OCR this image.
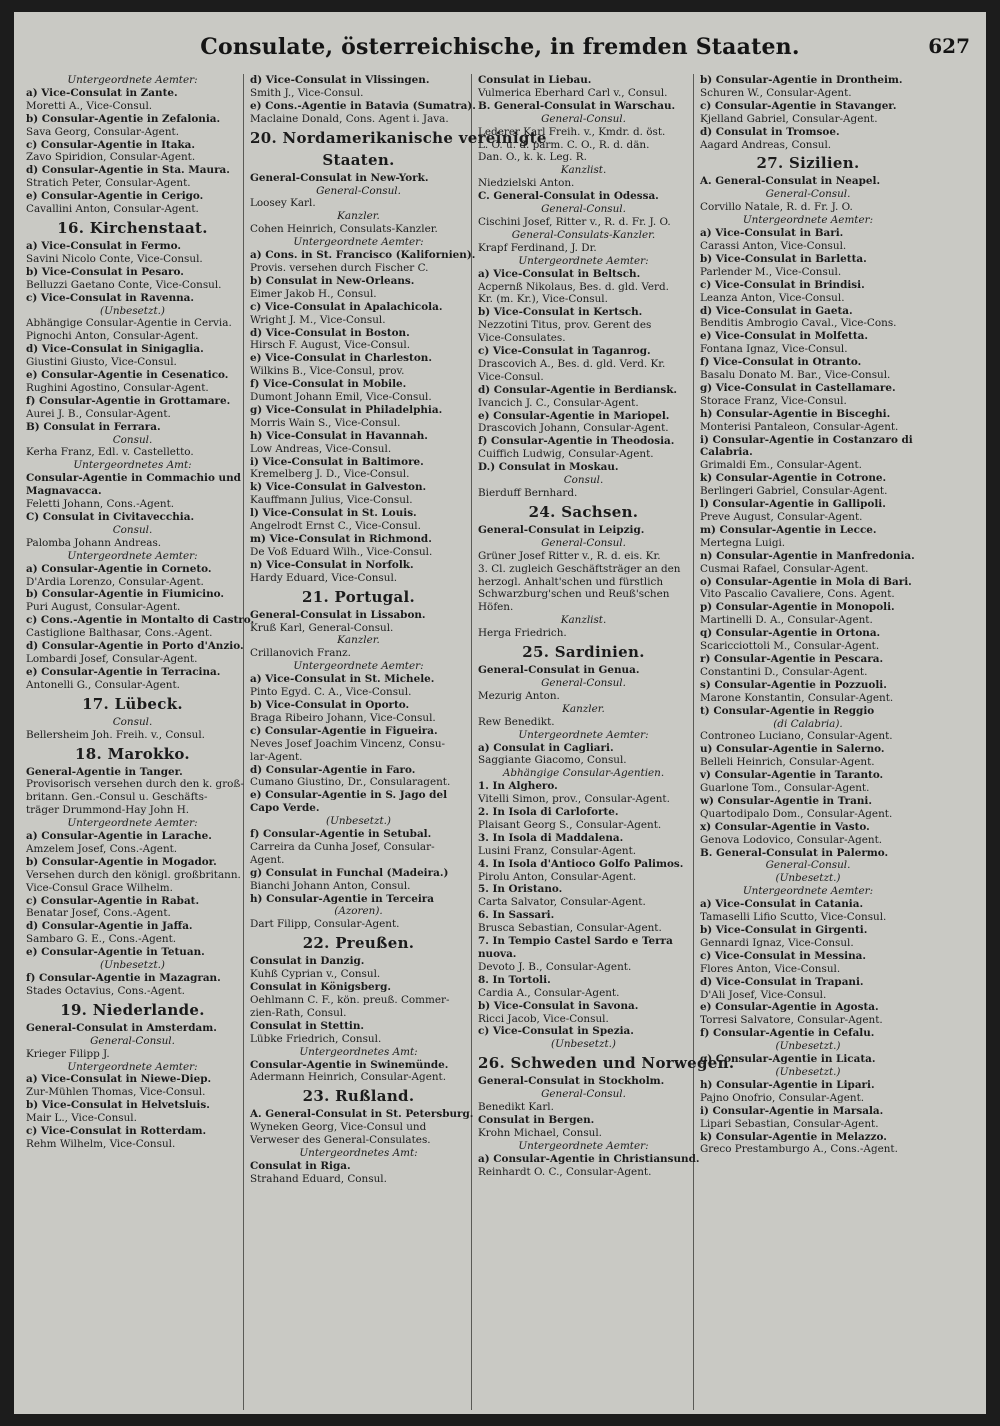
Consulate, österreichische, in fremden Staaten.	627
Untergeordnete Aemter:
a) Vice-Consulat in Zante.
Moretti A., Vice-Consul.
b) Consular-Agentie in Zefalonia.
Sava Georg, Consular-Agent.
c) Consular-Agentie in Itaka.
Zavo Spiridion, Consular-Agent.
d) Consular-Agentie in Sta. Maura.
Stratich Peter, Consular-Agent.
e) Consular-Agentie in Cerigo.
Cavallini Anton, Consular-Agent.
16. Kirchenstaat.
a) Vice-Consulat in Fermo.
Savini Nicolo Conte, Vice-Consul.
b) Vice-Consulat in Pesaro.
Belluzzi Gaetano Conte, Vice-Consul.
c) Vice-Consulat in Ravenna.
(Unbesetzt.)
Abhängige Consular-Agentie in Cervia.
Pignochi Anton, Consular-Agent.
d) Vice-Consulat in Sinigaglia.
Giustini Giusto, Vice-Consul.
e) Consular-Agentie in Cesenatico.
Rughini Agostino, Consular-Agent.
f) Consular-Agentie in Grottamare.
Aurei J. B., Consular-Agent.
B) Consulat in Ferrara.
Consul.
Kerha Franz, Edl. v. Castelletto.
Untergeordnetes Amt:
Consular-Agentie in Commachio und
Magnavacca.
Feletti Johann, Cons.-Agent.
C) Consulat in Civitavecchia.
Consul.
Palomba Johann Andreas.
Untergeordnete Aemter:
a) Consular-Agentie in Corneto.
D'Ardia Lorenzo, Consular-Agent.
b) Consular-Agentie in Fiumicino.
Puri August, Consular-Agent.
c) Cons.-Agentie in Montalto di Castro.
Castiglione Balthasar, Cons.-Agent.
d) Consular-Agentie in Porto d'Anzio.
Lombardi Josef, Consular-Agent.
e) Consular-Agentie in Terracina.
Antonelli G., Consular-Agent.
17. Lübeck.
Consul.
Bellersheim Joh. Freih. v., Consul.
18. Marokko.
General-Agentie in Tanger.
Provisorisch versehen durch den k. groß-
britann. Gen.-Consul u. Geschäfts-
träger Drummond-Hay John H.
Untergeordnete Aemter:
a) Consular-Agentie in Larache.
Amzelem Josef, Cons.-Agent.
b) Consular-Agentie in Mogador.
Versehen durch den königl. großbritann.
Vice-Consul Grace Wilhelm.
c) Consular-Agentie in Rabat.
Benatar Josef, Cons.-Agent.
d) Consular-Agentie in Jaffa.
Sambaro G. E., Cons.-Agent.
e) Consular-Agentie in Tetuan.
(Unbesetzt.)
f) Consular-Agentie in Mazagran.
Stades Octavius, Cons.-Agent.
19. Niederlande.
General-Consulat in Amsterdam.
General-Consul.
Krieger Filipp J.
Untergeordnete Aemter:
a) Vice-Consulat in Niewe-Diep.
Zur-Mühlen Thomas, Vice-Consul.
b) Vice-Consulat in Helvetsluis.
Mair L., Vice-Consul.
c) Vice-Consulat in Rotterdam.
Rehm Wilhelm, Vice-Consul.
d) Vice-Consulat in Vlissingen.
Smith J., Vice-Consul.
e) Cons.-Agentie in Batavia (Sumatra).
Maclaine Donald, Cons. Agent i. Java.
20. Nordamerikanische vereinigte
Staaten.
General-Consulat in New-York.
General-Consul.
Loosey Karl.
Kanzler.
Cohen Heinrich, Consulats-Kanzler.
Untergeordnete Aemter:
a) Cons. in St. Francisco (Kalifornien).
Provis. versehen durch Fischer C.
b) Consulat in New-Orleans.
Eimer Jakob H., Consul.
c) Vice-Consulat in Apalachicola.
Wright J. M., Vice-Consul.
d) Vice-Consulat in Boston.
Hirsch F. August, Vice-Consul.
e) Vice-Consulat in Charleston.
Wilkins B., Vice-Consul, prov.
f) Vice-Consulat in Mobile.
Dumont Johann Emil, Vice-Consul.
g) Vice-Consulat in Philadelphia.
Morris Wain S., Vice-Consul.
h) Vice-Consulat in Havannah.
Low Andreas, Vice-Consul.
i) Vice-Consulat in Baltimore.
Kremelberg J. D., Vice-Consul.
k) Vice-Consulat in Galveston.
Kauffmann Julius, Vice-Consul.
l) Vice-Consulat in St. Louis.
Angelrodt Ernst C., Vice-Consul.
m) Vice-Consulat in Richmond.
De Voß Eduard Wilh., Vice-Consul.
n) Vice-Consulat in Norfolk.
Hardy Eduard, Vice-Consul.
21. Portugal.
General-Consulat in Lissabon.
Kruß Karl, General-Consul.
Kanzler.
Crillanovich Franz.
Untergeordnete Aemter:
a) Vice-Consulat in St. Michele.
Pinto Egyd. C. A., Vice-Consul.
b) Vice-Consulat in Oporto.
Braga Ribeiro Johann, Vice-Consul.
c) Consular-Agentie in Figueira.
Neves Josef Joachim Vincenz, Consu-
lar-Agent.
d) Consular-Agentie in Faro.
Cumano Giustino, Dr., Consularagent.
e) Consular-Agentie in S. Jago del
Capo Verde.
(Unbesetzt.)
f) Consular-Agentie in Setubal.
Carreira da Cunha Josef, Consular-
Agent.
g) Consulat in Funchal (Madeira.)
Bianchi Johann Anton, Consul.
h) Consular-Agentie in Terceira
(Azoren).
Dart Filipp, Consular-Agent.
22. Preußen.
Consulat in Danzig.
Kuhß Cyprian v., Consul.
Consulat in Königsberg.
Oehlmann C. F., kön. preuß. Commer-
zien-Rath, Consul.
Consulat in Stettin.
Lübke Friedrich, Consul.
Untergeordnetes Amt:
Consular-Agentie in Swinemünde.
Adermann Heinrich, Consular-Agent.
23. Rußland.
A. General-Consulat in St. Petersburg.
Wyneken Georg, Vice-Consul und
Verweser des General-Consulates.
Untergeordnetes Amt:
Consulat in Riga.
Strahand Eduard, Consul.
Consulat in Liebau.
Vulmerica Eberhard Carl v., Consul.
B. General-Consulat in Warschau.
General-Consul.
Lederer Karl Freih. v., Kmdr. d. öst.
L. O. u. d. parm. C. O., R. d. dän.
Dan. O., k. k. Leg. R.
Kanzlist.
Niedzielski Anton.
C. General-Consulat in Odessa.
General-Consul.
Cischini Josef, Ritter v., R. d. Fr. J. O.
General-Consulats-Kanzler.
Krapf Ferdinand, J. Dr.
Untergeordnete Aemter:
a) Vice-Consulat in Beltsch.
Acpernß Nikolaus, Bes. d. gld. Verd.
Kr. (m. Kr.), Vice-Consul.
b) Vice-Consulat in Kertsch.
Nezzotini Titus, prov. Gerent des
Vice-Consulates.
c) Vice-Consulat in Taganrog.
Drascovich A., Bes. d. gld. Verd. Kr.
Vice-Consul.
d) Consular-Agentie in Berdiansk.
Ivancich J. C., Consular-Agent.
e) Consular-Agentie in Mariopel.
Drascovich Johann, Consular-Agent.
f) Consular-Agentie in Theodosia.
Cuiffich Ludwig, Consular-Agent.
D.) Consulat in Moskau.
Consul.
Bierduff Bernhard.
24. Sachsen.
General-Consulat in Leipzig.
General-Consul.
Grüner Josef Ritter v., R. d. eis. Kr.
3. Cl. zugleich Geschäftsträger an den
herzogl. Anhalt'schen und fürstlich
Schwarzburg'schen und Reuß'schen
Höfen.
Kanzlist.
Herga Friedrich.
25. Sardinien.
General-Consulat in Genua.
General-Consul.
Mezurig Anton.
Kanzler.
Rew Benedikt.
Untergeordnete Aemter:
a) Consulat in Cagliari.
Saggiante Giacomo, Consul.
Abhängige Consular-Agentien.
1. In Alghero.
Vitelli Simon, prov., Consular-Agent.
2. In Isola di Carloforte.
Plaisant Georg S., Consular-Agent.
3. In Isola di Maddalena.
Lusini Franz, Consular-Agent.
4. In Isola d'Antioco Golfo Palimos.
Pirolu Anton, Consular-Agent.
5. In Oristano.
Carta Salvator, Consular-Agent.
6. In Sassari.
Brusca Sebastian, Consular-Agent.
7. In Tempio Castel Sardo e Terra
nuova.
Devoto J. B., Consular-Agent.
8. In Tortoli.
Cardia A., Consular-Agent.
b) Vice-Consulat in Savona.
Ricci Jacob, Vice-Consul.
c) Vice-Consulat in Spezia.
(Unbesetzt.)
26. Schweden und Norwegen.
General-Consulat in Stockholm.
General-Consul.
Benedikt Karl.
Consulat in Bergen.
Krohn Michael, Consul.
Untergeordnete Aemter:
a) Consular-Agentie in Christiansund.
Reinhardt O. C., Consular-Agent.
b) Consular-Agentie in Drontheim.
Schuren W., Consular-Agent.
c) Consular-Agentie in Stavanger.
Kjelland Gabriel, Consular-Agent.
d) Consulat in Tromsoe.
Aagard Andreas, Consul.
27. Sizilien.
A. General-Consulat in Neapel.
General-Consul.
Corvillo Natale, R. d. Fr. J. O.
Untergeordnete Aemter:
a) Vice-Consulat in Bari.
Carassi Anton, Vice-Consul.
b) Vice-Consulat in Barletta.
Parlender M., Vice-Consul.
c) Vice-Consulat in Brindisi.
Leanza Anton, Vice-Consul.
d) Vice-Consulat in Gaeta.
Benditis Ambrogio Caval., Vice-Cons.
e) Vice-Consulat in Molfetta.
Fontana Ignaz, Vice-Consul.
f) Vice-Consulat in Otranto.
Basalu Donato M. Bar., Vice-Consul.
g) Vice-Consulat in Castellamare.
Storace Franz, Vice-Consul.
h) Consular-Agentie in Bisceghi.
Monterisi Pantaleon, Consular-Agent.
i) Consular-Agentie in Costanzaro di
Calabria.
Grimaldi Em., Consular-Agent.
k) Consular-Agentie in Cotrone.
Berlingeri Gabriel, Consular-Agent.
l) Consular-Agentie in Gallipoli.
Preve August, Consular-Agent.
m) Consular-Agentie in Lecce.
Mertegna Luigi.
n) Consular-Agentie in Manfredonia.
Cusmai Rafael, Consular-Agent.
o) Consular-Agentie in Mola di Bari.
Vito Pascalio Cavaliere, Cons. Agent.
p) Consular-Agentie in Monopoli.
Martinelli D. A., Consular-Agent.
q) Consular-Agentie in Ortona.
Scaricciottoli M., Consular-Agent.
r) Consular-Agentie in Pescara.
Constantini D., Consular-Agent.
s) Consular-Agentie in Pozzuoli.
Marone Konstantin, Consular-Agent.
t) Consular-Agentie in Reggio
(di Calabria).
Controneo Luciano, Consular-Agent.
u) Consular-Agentie in Salerno.
Belleli Heinrich, Consular-Agent.
v) Consular-Agentie in Taranto.
Guarlone Tom., Consular-Agent.
w) Consular-Agentie in Trani.
Quartodipalo Dom., Consular-Agent.
x) Consular-Agentie in Vasto.
Genova Lodovico, Consular-Agent.
B. General-Consulat in Palermo.
General-Consul.
(Unbesetzt.)
Untergeordnete Aemter:
a) Vice-Consulat in Catania.
Tamaselli Lifio Scutto, Vice-Consul.
b) Vice-Consulat in Girgenti.
Gennardi Ignaz, Vice-Consul.
c) Vice-Consulat in Messina.
Flores Anton, Vice-Consul.
d) Vice-Consulat in Trapani.
D'Ali Josef, Vice-Consul.
e) Consular-Agentie in Agosta.
Torresi Salvatore, Consular-Agent.
f) Consular-Agentie in Cefalu.
(Unbesetzt.)
g) Consular-Agentie in Licata.
(Unbesetzt.)
h) Consular-Agentie in Lipari.
Pajno Onofrio, Consular-Agent.
i) Consular-Agentie in Marsala.
Lipari Sebastian, Consular-Agent.
k) Consular-Agentie in Melazzo.
Greco Prestamburgo A., Cons.-Agent.
